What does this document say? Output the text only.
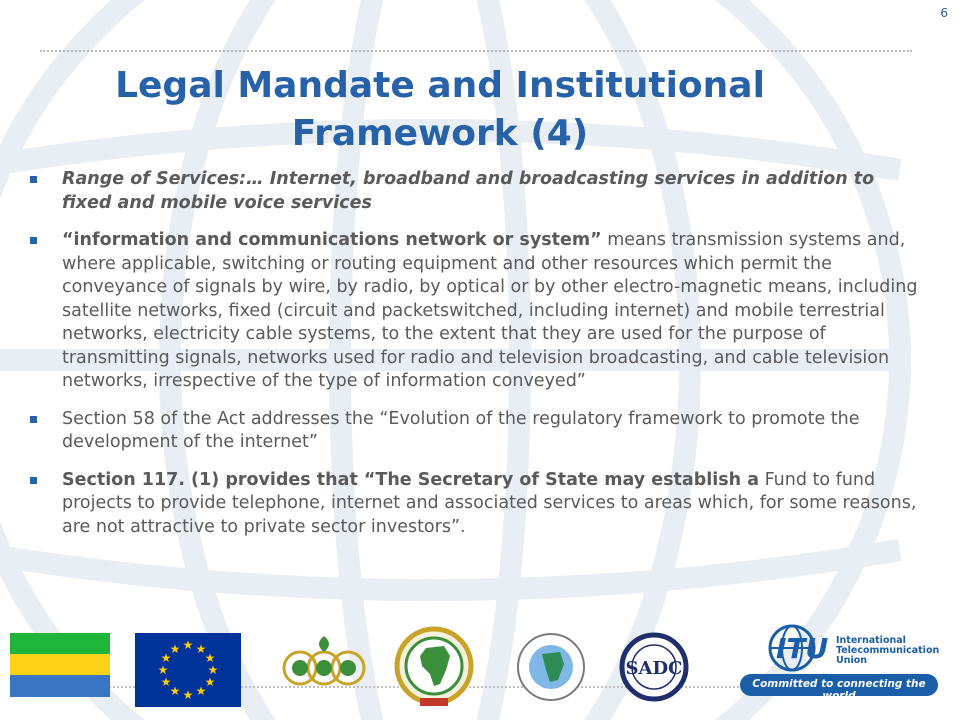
6
Legal Mandate and Institutional Framework (4)
Range of Services:… Internet, broadband and broadcasting services in addition to fixed and mobile voice services
“information and communications network or system” means transmission systems and, where applicable, switching or routing equipment and other resources which permit the conveyance of signals by wire, by radio, by optical or by other electro-magnetic means, including satellite networks, fixed (circuit and packetswitched, including internet) and mobile terrestrial networks, electricity cable systems, to the extent that they are used for the purpose of transmitting signals, networks used for radio and television broadcasting, and cable television networks, irrespective of the type of information conveyed”
Section 58 of the Act addresses the “Evolution of the regulatory framework to promote the development of the internet”
Section 117. (1) provides that “The Secretary of State may establish a Fund to fund projects to provide telephone, internet and associated services to areas which, for some reasons, are not attractive to private sector investors”.
★ ★
★
★
★
★
★
★
★
★
★
★
SADC
ITU International
Telecommunication
Union
Committed to connecting the world
